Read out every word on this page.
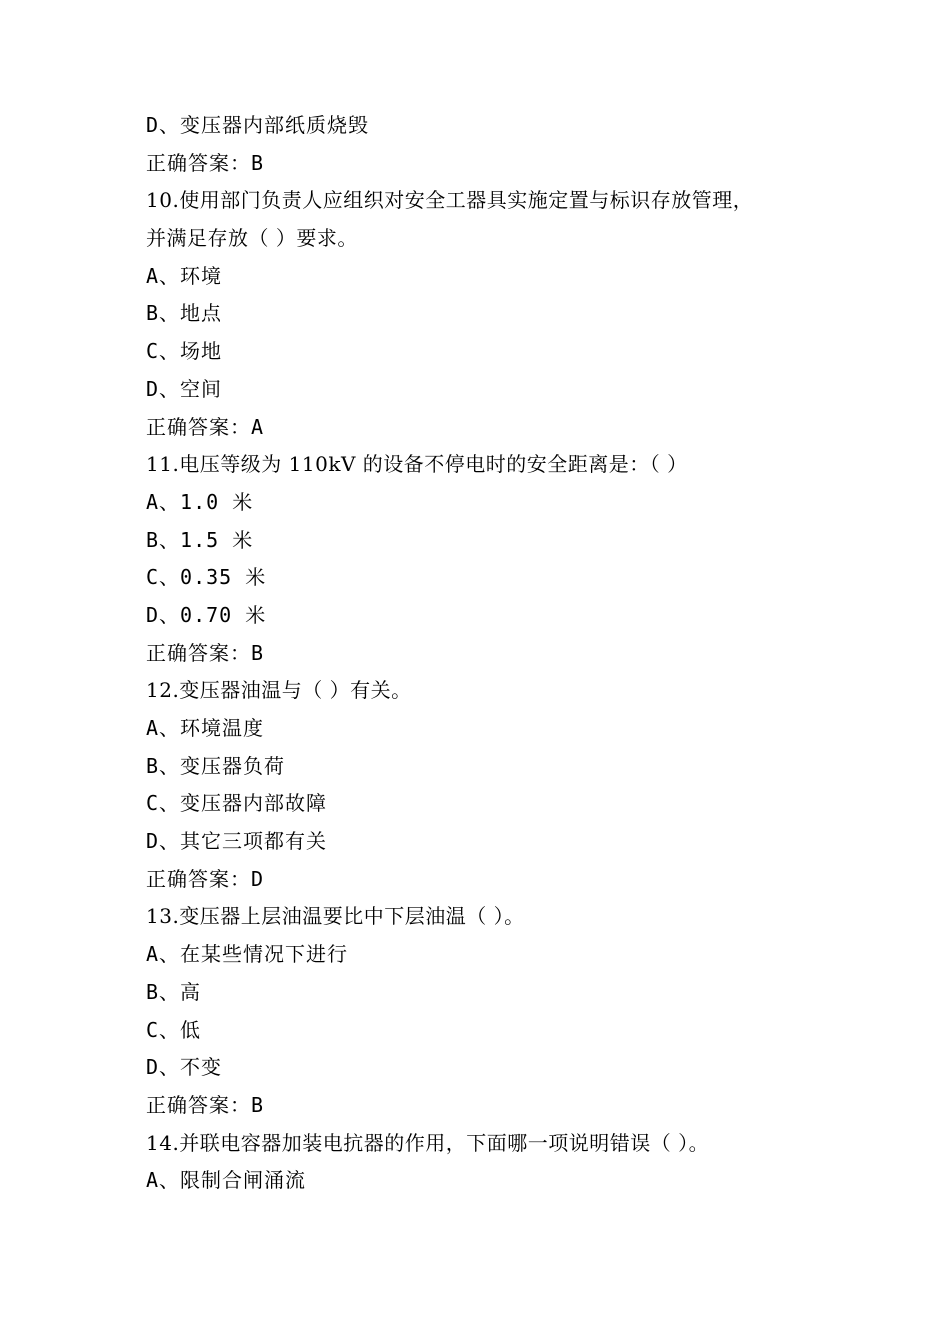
D、变压器内部纸质烧毁
正确答案：B
10.使用部门负责人应组织对安全工器具实施定置与标识存放管理，
并满足存放（ ）要求。
A、环境
B、地点
C、场地
D、空间
正确答案：A
11.电压等级为 110kV 的设备不停电时的安全距离是：（ ）
A、1.0 米
B、1.5 米
C、0.35 米
D、0.70 米
正确答案：B
12.变压器油温与（ ）有关。
A、环境温度
B、变压器负荷
C、变压器内部故障
D、其它三项都有关
正确答案：D
13.变压器上层油温要比中下层油温（ ）。
A、在某些情况下进行
B、高
C、低
D、不变
正确答案：B
14.并联电容器加装电抗器的作用，下面哪一项说明错误（ ）。
A、限制合闸涌流
